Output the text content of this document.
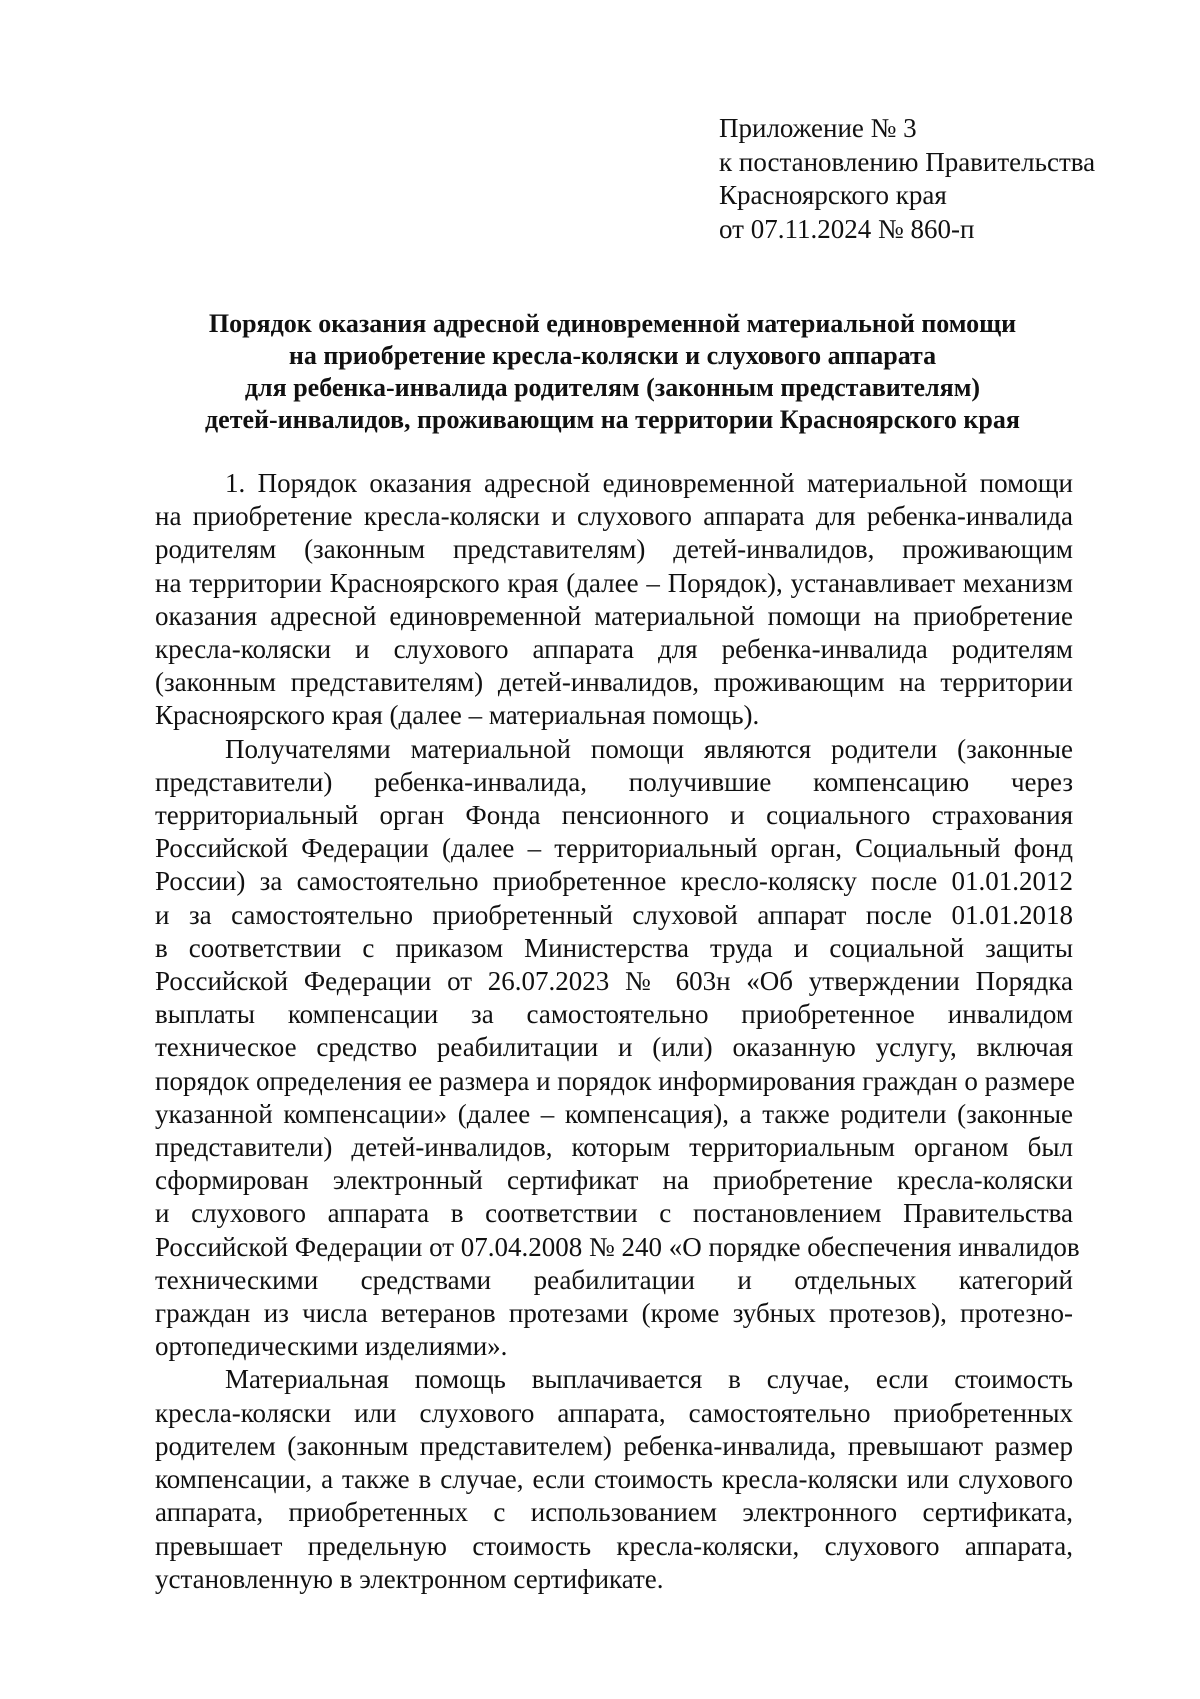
Приложение № 3
к постановлению Правительства
Красноярского края
от 07.11.2024 № 860-п
Порядок оказания адресной единовременной материальной помощи
на приобретение кресла-коляски и слухового аппарата
для ребенка-инвалида родителям (законным представителям)
детей-инвалидов, проживающим на территории Красноярского края
1. Порядок оказания адресной единовременной материальной помощи
на приобретение кресла-коляски и слухового аппарата для ребенка-инвалида
родителям (законным представителям) детей-инвалидов, проживающим
на территории Красноярского края (далее – Порядок), устанавливает механизм
оказания адресной единовременной материальной помощи на приобретение
кресла-коляски и слухового аппарата для ребенка-инвалида родителям
(законным представителям) детей-инвалидов, проживающим на территории
Красноярского края (далее – материальная помощь).
Получателями материальной помощи являются родители (законные
представители) ребенка-инвалида, получившие компенсацию через
территориальный орган Фонда пенсионного и социального страхования
Российской Федерации (далее – территориальный орган, Социальный фонд
России) за самостоятельно приобретенное кресло-коляску после 01.01.2012
и за самостоятельно приобретенный слуховой аппарат после 01.01.2018
в соответствии с приказом Министерства труда и социальной защиты
Российской Федерации от 26.07.2023 № 603н «Об утверждении Порядка
выплаты компенсации за самостоятельно приобретенное инвалидом
техническое средство реабилитации и (или) оказанную услугу, включая
порядок определения ее размера и порядок информирования граждан о размере
указанной компенсации» (далее – компенсация), а также родители (законные
представители) детей-инвалидов, которым территориальным органом был
сформирован электронный сертификат на приобретение кресла-коляски
и слухового аппарата в соответствии с постановлением Правительства
Российской Федерации от 07.04.2008 № 240 «О порядке обеспечения инвалидов
техническими средствами реабилитации и отдельных категорий
граждан из числа ветеранов протезами (кроме зубных протезов), протезно-
ортопедическими изделиями».
Материальная помощь выплачивается в случае, если стоимость
кресла-коляски или слухового аппарата, самостоятельно приобретенных
родителем (законным представителем) ребенка-инвалида, превышают размер
компенсации, а также в случае, если стоимость кресла-коляски или слухового
аппарата, приобретенных с использованием электронного сертификата,
превышает предельную стоимость кресла-коляски, слухового аппарата,
установленную в электронном сертификате.
